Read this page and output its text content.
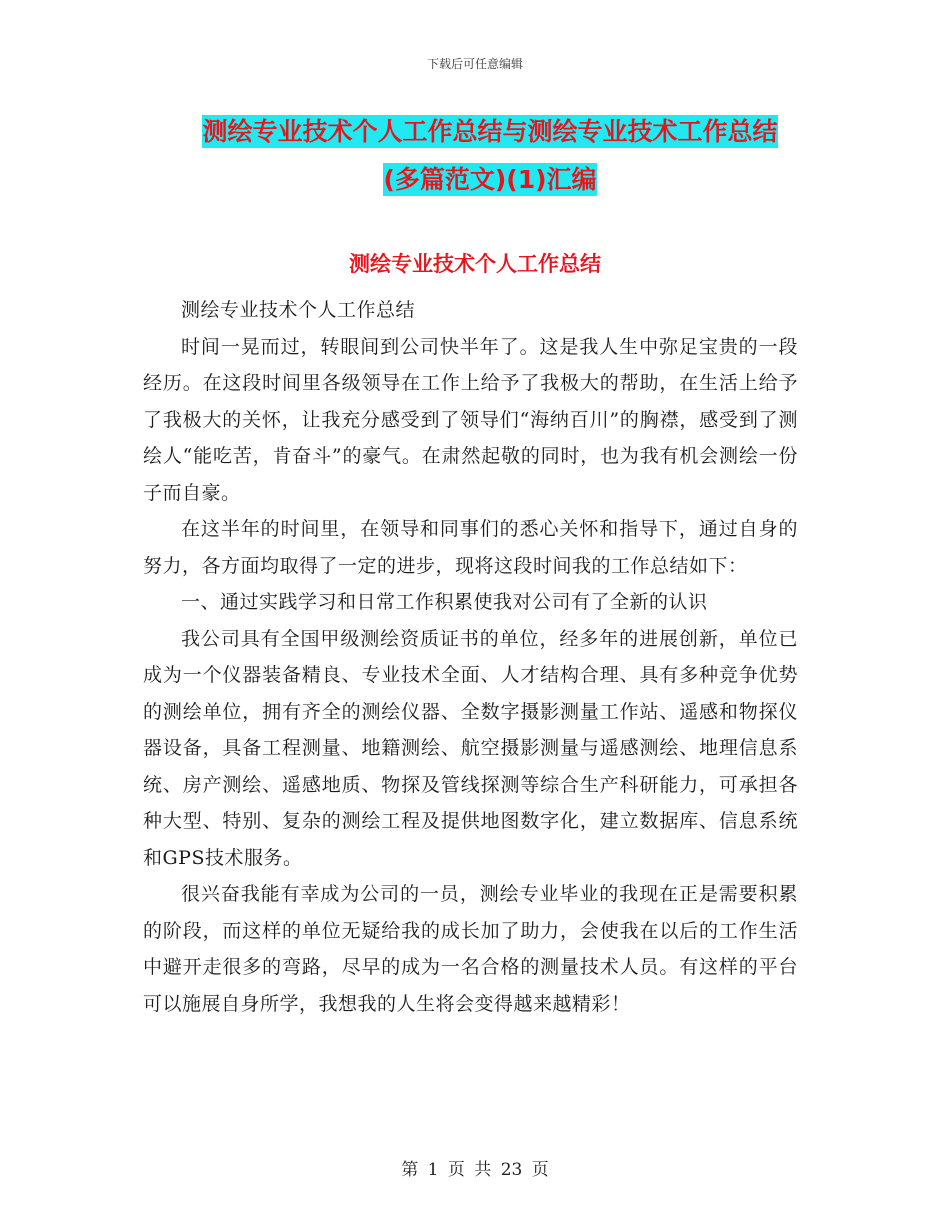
下载后可任意编辑
测绘专业技术个人工作总结与测绘专业技术工作总结
(多篇范文)(1)汇编
测绘专业技术个人工作总结

测绘专业技术个人工作总结

时间一晃而过，转眼间到公司快半年了。这是我人生中弥足宝贵的一段经历。在这段时间里各级领导在工作上给予了我极大的帮助，在生活上给予了我极大的关怀，让我充分感受到了领导们“海纳百川”的胸襟，感受到了测绘人“能吃苦，肯奋斗”的豪气。在肃然起敬的同时，也为我有机会测绘一份子而自豪。

在这半年的时间里，在领导和同事们的悉心关怀和指导下，通过自身的努力，各方面均取得了一定的进步，现将这段时间我的工作总结如下：

一、通过实践学习和日常工作积累使我对公司有了全新的认识

我公司具有全国甲级测绘资质证书的单位，经多年的进展创新，单位已成为一个仪器装备精良、专业技术全面、人才结构合理、具有多种竞争优势的测绘单位，拥有齐全的测绘仪器、全数字摄影测量工作站、遥感和物探仪器设备，具备工程测量、地籍测绘、航空摄影测量与遥感测绘、地理信息系统、房产测绘、遥感地质、物探及管线探测等综合生产科研能力，可承担各种大型、特别、复杂的测绘工程及提供地图数字化，建立数据库、信息系统和GPS技术服务。

很兴奋我能有幸成为公司的一员，测绘专业毕业的我现在正是需要积累的阶段，而这样的单位无疑给我的成长加了助力，会使我在以后的工作生活中避开走很多的弯路，尽早的成为一名合格的测量技术人员。有这样的平台可以施展自身所学，我想我的人生将会变得越来越精彩！

第 1 页 共 23 页
